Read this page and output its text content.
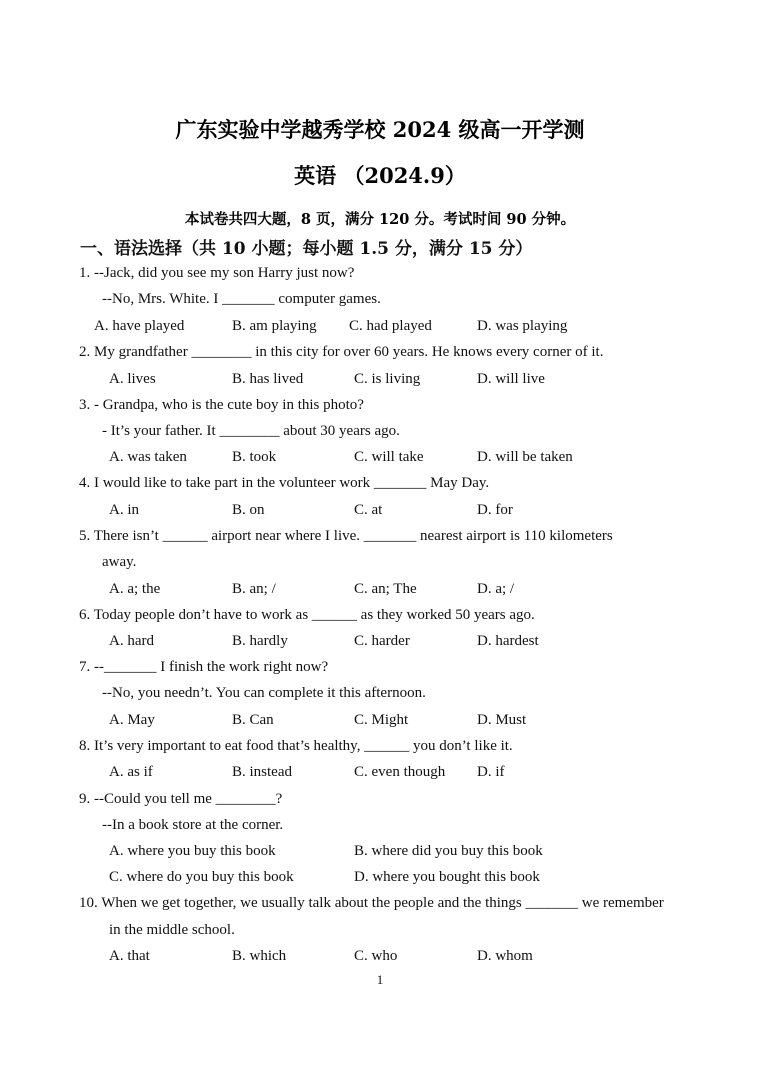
广东实验中学越秀学校 2024 级高一开学测
英语 （2024.9）
本试卷共四大题，8 页，满分 120 分。考试时间 90 分钟。
一、语法选择（共 10 小题；每小题 1.5 分，满分 15 分）
1. --Jack, did you see my son Harry just now?
--No, Mrs. White. I _______ computer games.
A. have played	B. am playing C. had played	D. was playing
2. My grandfather ________ in this city for over 60 years. He knows every corner of it.
A. lives	B. has lived	C. is living	D. will live
3. - Grandpa, who is the cute boy in this photo?
- It’s your father. It ________ about 30 years ago.
A. was taken	B. took	C. will take	D. will be taken
4. I would like to take part in the volunteer work _______ May Day.
A. in	B. on	C. at	D. for
5. There isn’t ______ airport near where I live. _______ nearest airport is 110 kilometers
away.
A. a; the	B. an; /	C. an; The	D. a; /
6. Today people don’t have to work as ______ as they worked 50 years ago.
A. hard	B. hardly	C. harder	D. hardest
7. --_______ I finish the work right now?
--No, you needn’t. You can complete it this afternoon.
A. May	B. Can	C. Might	D. Must
8. It’s very important to eat food that’s healthy, ______ you don’t like it.
A. as if	B. instead	C. even though D. if
9. --Could you tell me ________?
--In a book store at the corner.
A. where you buy this book	B. where did you buy this book
C. where do you buy this book	D. where you bought this book
10. When we get together, we usually talk about the people and the things _______ we remember
in the middle school.
A. that	B. which	C. who	D. whom
1
